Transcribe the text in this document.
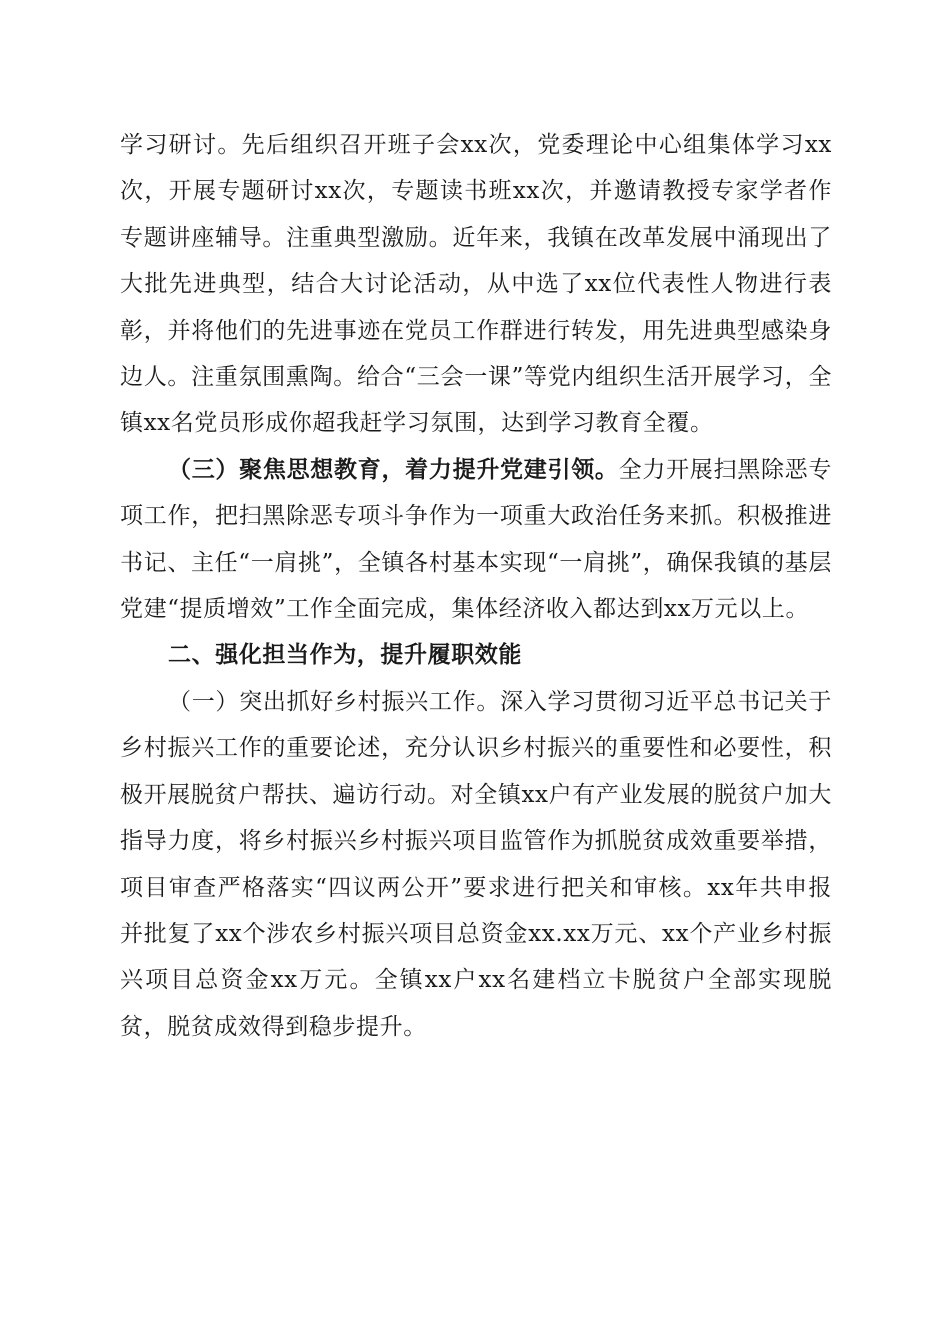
学习研讨。先后组织召开班子会xx次，党委理论中心组集体学习xx次，开展专题研讨xx次，专题读书班xx次，并邀请教授专家学者作专题讲座辅导。注重典型激励。近年来，我镇在改革发展中涌现出了大批先进典型，结合大讨论活动，从中选了xx位代表性人物进行表彰，并将他们的先进事迹在党员工作群进行转发，用先进典型感染身边人。注重氛围熏陶。给合“三会一课”等党内组织生活开展学习，全镇xx名党员形成你超我赶学习氛围，达到学习教育全覆。

（三）聚焦思想教育，着力提升党建引领。全力开展扫黑除恶专项工作，把扫黑除恶专项斗争作为一项重大政治任务来抓。积极推进书记、主任“一肩挑”，全镇各村基本实现“一肩挑”，确保我镇的基层党建“提质增效”工作全面完成，集体经济收入都达到xx万元以上。

二、强化担当作为，提升履职效能

（一）突出抓好乡村振兴工作。深入学习贯彻习近平总书记关于乡村振兴工作的重要论述，充分认识乡村振兴的重要性和必要性，积极开展脱贫户帮扶、遍访行动。对全镇xx户有产业发展的脱贫户加大指导力度，将乡村振兴乡村振兴项目监管作为抓脱贫成效重要举措，项目审查严格落实“四议两公开”要求进行把关和审核。xx年共申报并批复了xx个涉农乡村振兴项目总资金xx.xx万元、xx个产业乡村振兴项目总资金xx万元。全镇xx户xx名建档立卡脱贫户全部实现脱贫，脱贫成效得到稳步提升。
